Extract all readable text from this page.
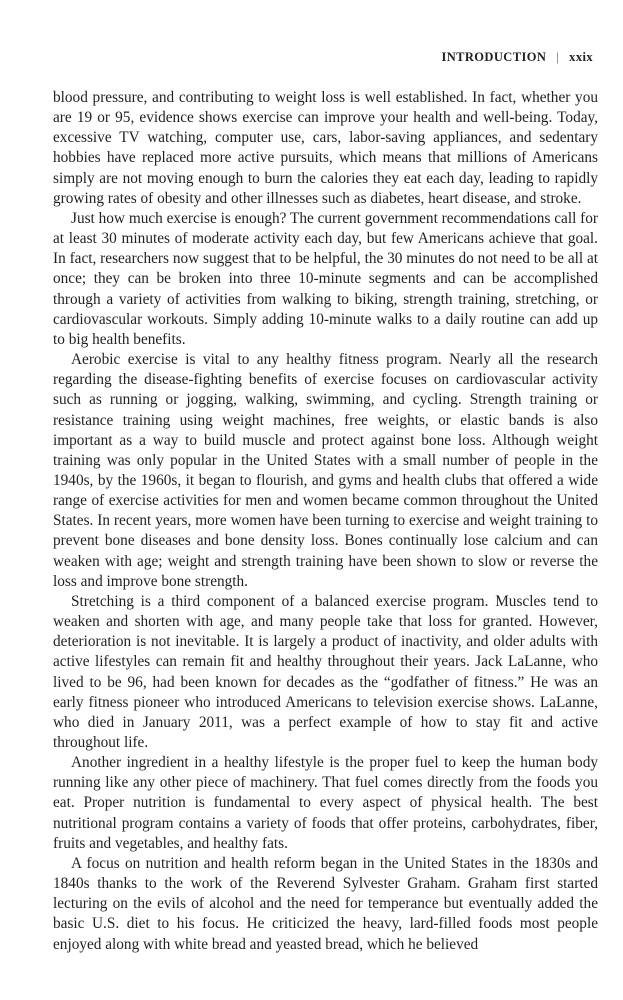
INTRODUCTION | xxix

blood pressure, and contributing to weight loss is well established. In fact, whether you are 19 or 95, evidence shows exercise can improve your health and well-being. Today, excessive TV watching, computer use, cars, labor-saving appliances, and sedentary hobbies have replaced more active pursuits, which means that millions of Americans simply are not moving enough to burn the calories they eat each day, leading to rapidly growing rates of obesity and other illnesses such as diabetes, heart disease, and stroke.

Just how much exercise is enough? The current government recommendations call for at least 30 minutes of moderate activity each day, but few Americans achieve that goal. In fact, researchers now suggest that to be helpful, the 30 minutes do not need to be all at once; they can be broken into three 10-minute segments and can be accomplished through a variety of activities from walking to biking, strength training, stretching, or cardiovascular workouts. Simply adding 10-minute walks to a daily routine can add up to big health benefits.

Aerobic exercise is vital to any healthy fitness program. Nearly all the research regarding the disease-fighting benefits of exercise focuses on cardiovascular activity such as running or jogging, walking, swimming, and cycling. Strength training or resistance training using weight machines, free weights, or elastic bands is also important as a way to build muscle and protect against bone loss. Although weight training was only popular in the United States with a small number of people in the 1940s, by the 1960s, it began to flourish, and gyms and health clubs that offered a wide range of exercise activities for men and women became common throughout the United States. In recent years, more women have been turning to exercise and weight training to prevent bone diseases and bone density loss. Bones continually lose calcium and can weaken with age; weight and strength training have been shown to slow or reverse the loss and improve bone strength.

Stretching is a third component of a balanced exercise program. Muscles tend to weaken and shorten with age, and many people take that loss for granted. However, deterioration is not inevitable. It is largely a product of inactivity, and older adults with active lifestyles can remain fit and healthy throughout their years. Jack LaLanne, who lived to be 96, had been known for decades as the “godfather of fitness.” He was an early fitness pioneer who introduced Americans to television exercise shows. LaLanne, who died in January 2011, was a perfect example of how to stay fit and active throughout life.

Another ingredient in a healthy lifestyle is the proper fuel to keep the human body running like any other piece of machinery. That fuel comes directly from the foods you eat. Proper nutrition is fundamental to every aspect of physical health. The best nutritional program contains a variety of foods that offer proteins, carbohydrates, fiber, fruits and vegetables, and healthy fats.

A focus on nutrition and health reform began in the United States in the 1830s and 1840s thanks to the work of the Reverend Sylvester Graham. Graham first started lecturing on the evils of alcohol and the need for temperance but eventually added the basic U.S. diet to his focus. He criticized the heavy, lard-filled foods most people enjoyed along with white bread and yeasted bread, which he believed
